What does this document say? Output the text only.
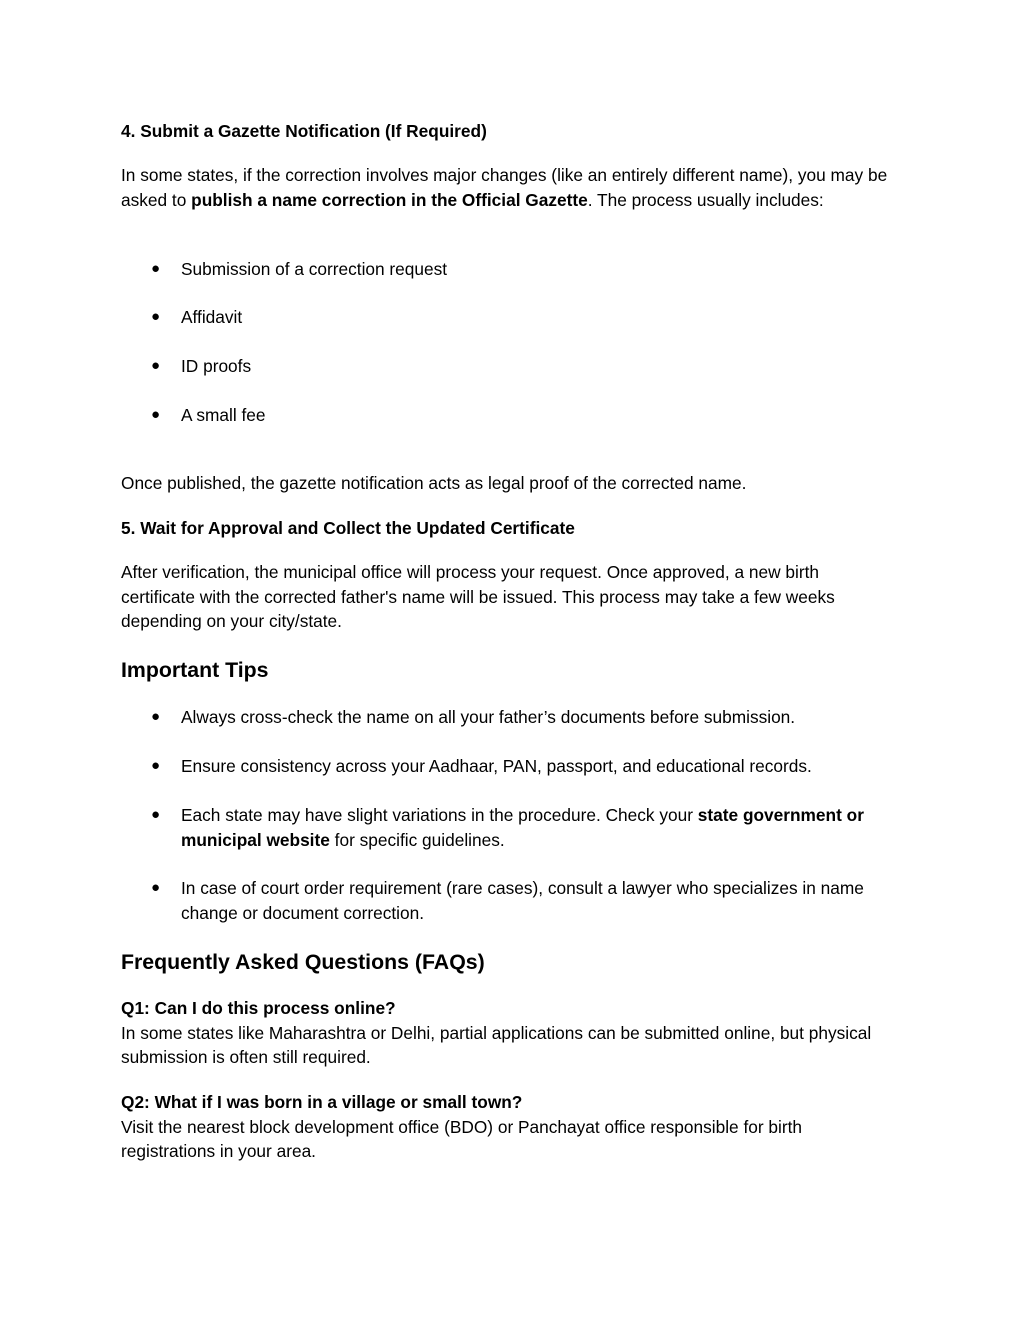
4. Submit a Gazette Notification (If Required)

In some states, if the correction involves major changes (like an entirely different name), you may be asked to publish a name correction in the Official Gazette. The process usually includes:

● Submission of a correction request
● Affidavit
● ID proofs
● A small fee

Once published, the gazette notification acts as legal proof of the corrected name.

5. Wait for Approval and Collect the Updated Certificate

After verification, the municipal office will process your request. Once approved, a new birth certificate with the corrected father's name will be issued. This process may take a few weeks depending on your city/state.

Important Tips

● Always cross-check the name on all your father’s documents before submission.
● Ensure consistency across your Aadhaar, PAN, passport, and educational records.
● Each state may have slight variations in the procedure. Check your state government or municipal website for specific guidelines.
● In case of court order requirement (rare cases), consult a lawyer who specializes in name change or document correction.

Frequently Asked Questions (FAQs)

Q1: Can I do this process online?
In some states like Maharashtra or Delhi, partial applications can be submitted online, but physical submission is often still required.

Q2: What if I was born in a village or small town?
Visit the nearest block development office (BDO) or Panchayat office responsible for birth registrations in your area.
